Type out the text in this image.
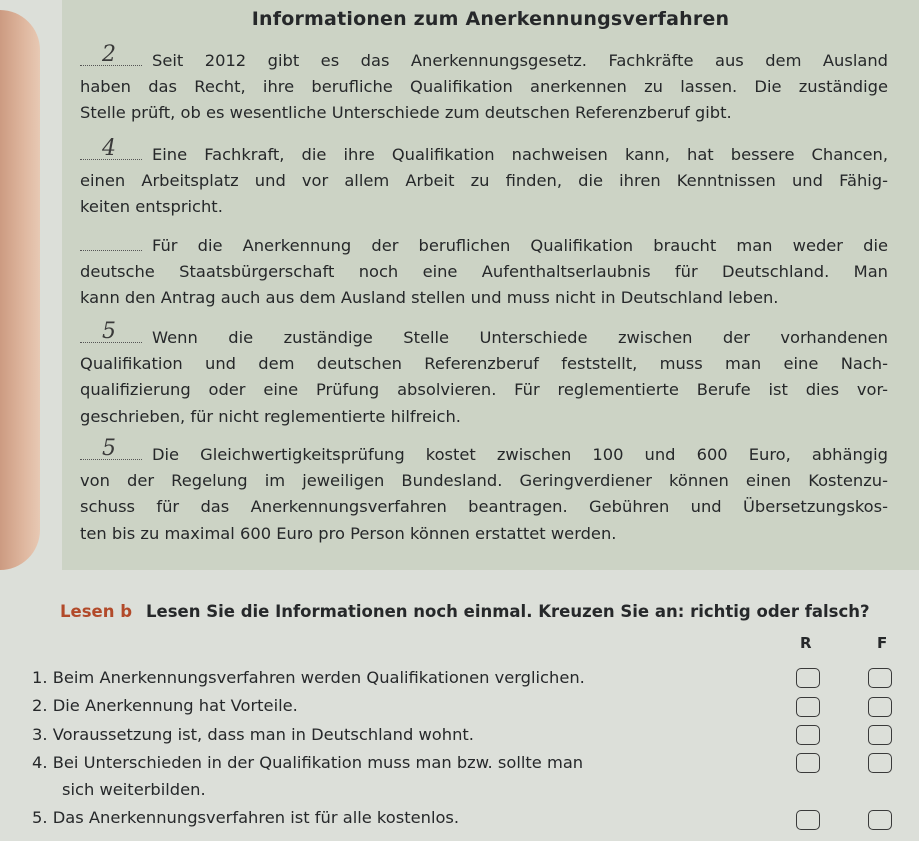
Informationen zum Anerkennungsverfahren
2 Seit 2012 gibt es das Anerkennungsgesetz. Fachkräfte aus dem Ausland
haben das Recht, ihre berufliche Qualifikation anerkennen zu lassen. Die zuständige
Stelle prüft, ob es wesentliche Unterschiede zum deutschen Referenzberuf gibt.
4 Eine Fachkraft, die ihre Qualifikation nachweisen kann, hat bessere Chancen,
einen Arbeitsplatz und vor allem Arbeit zu finden, die ihren Kenntnissen und Fähig-
keiten entspricht.
Für die Anerkennung der beruflichen Qualifikation braucht man weder die
deutsche Staatsbürgerschaft noch eine Aufenthaltserlaubnis für Deutschland. Man
kann den Antrag auch aus dem Ausland stellen und muss nicht in Deutschland leben.
5 Wenn die zuständige Stelle Unterschiede zwischen der vorhandenen
Qualifikation und dem deutschen Referenzberuf feststellt, muss man eine Nach-
qualifizierung oder eine Prüfung absolvieren. Für reglementierte Berufe ist dies vor-
geschrieben, für nicht reglementierte hilfreich.
5 Die Gleichwertigkeitsprüfung kostet zwischen 100 und 600 Euro, abhängig
von der Regelung im jeweiligen Bundesland. Geringverdiener können einen Kostenzu-
schuss für das Anerkennungsverfahren beantragen. Gebühren und Übersetzungskos-
ten bis zu maximal 600 Euro pro Person können erstattet werden.
Lesen b Lesen Sie die Informationen noch einmal. Kreuzen Sie an: richtig oder falsch?
R	F
1. Beim Anerkennungsverfahren werden Qualifikationen verglichen.
2. Die Anerkennung hat Vorteile.
3. Voraussetzung ist, dass man in Deutschland wohnt.
4. Bei Unterschieden in der Qualifikation muss man bzw. sollte man
sich weiterbilden.
5. Das Anerkennungsverfahren ist für alle kostenlos.
